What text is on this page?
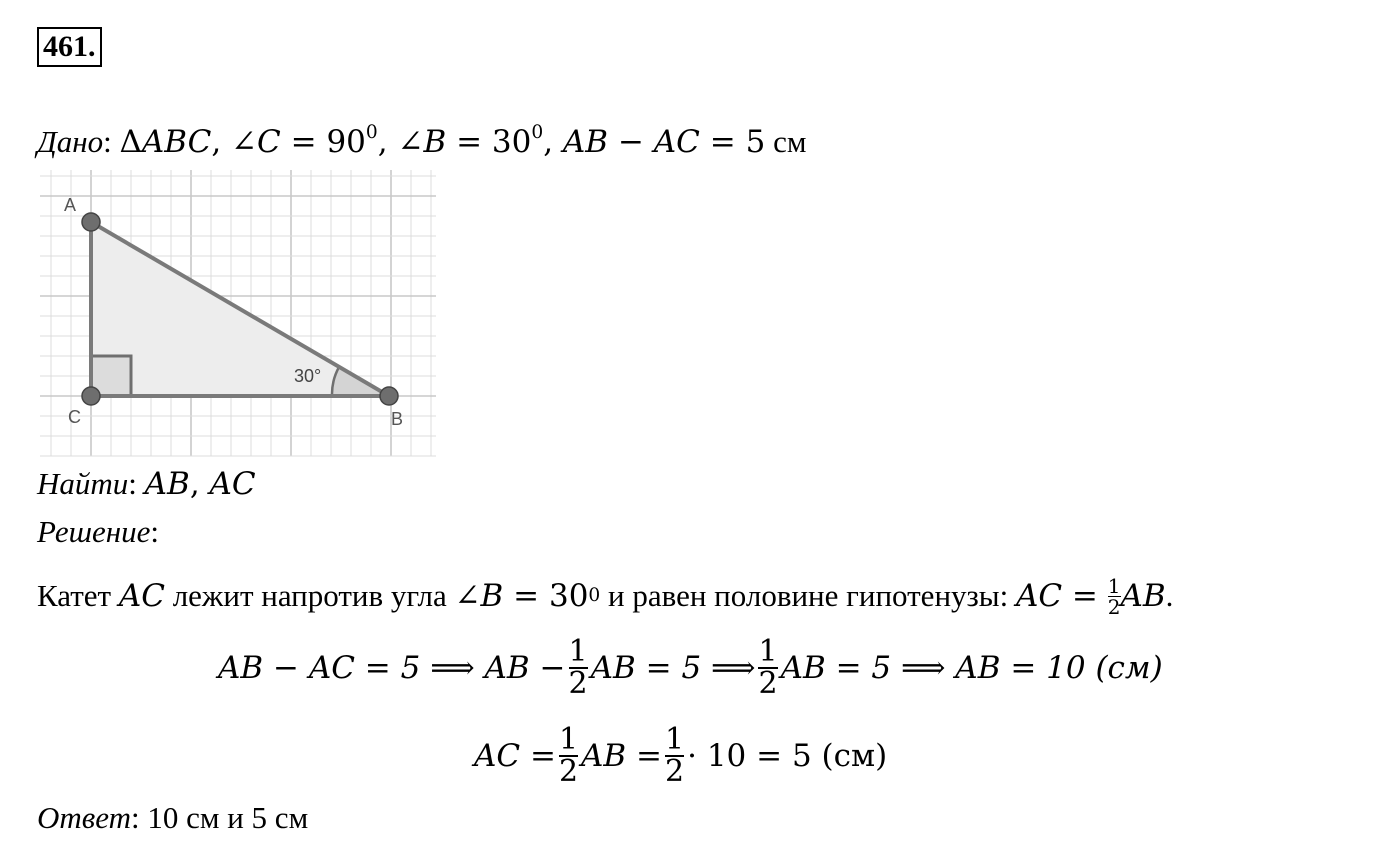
461.
Дано: ΔABC, ∠C = $90^0$, ∠B = $30^0$, AB − AC = 5 см
A
C	B
30°
Найти: AB, AC
Решение:
Катет
AC
лежит напротив угла
∠ B = 30 0
и равен половине гипотенузы:
AC = $\frac{1}{2}$ AB .
AB − AC = 5 ⟹ AB − $\frac{1}{2}$ AB = 5 ⟹ $\frac{1}{2}$ AB = 5 ⟹ AB = 10 (см)
AC = $\frac{1}{2}$ AB = $\frac{1}{2} \cdot 10 = 5$ (см)
Ответ: 10 см и 5 см
